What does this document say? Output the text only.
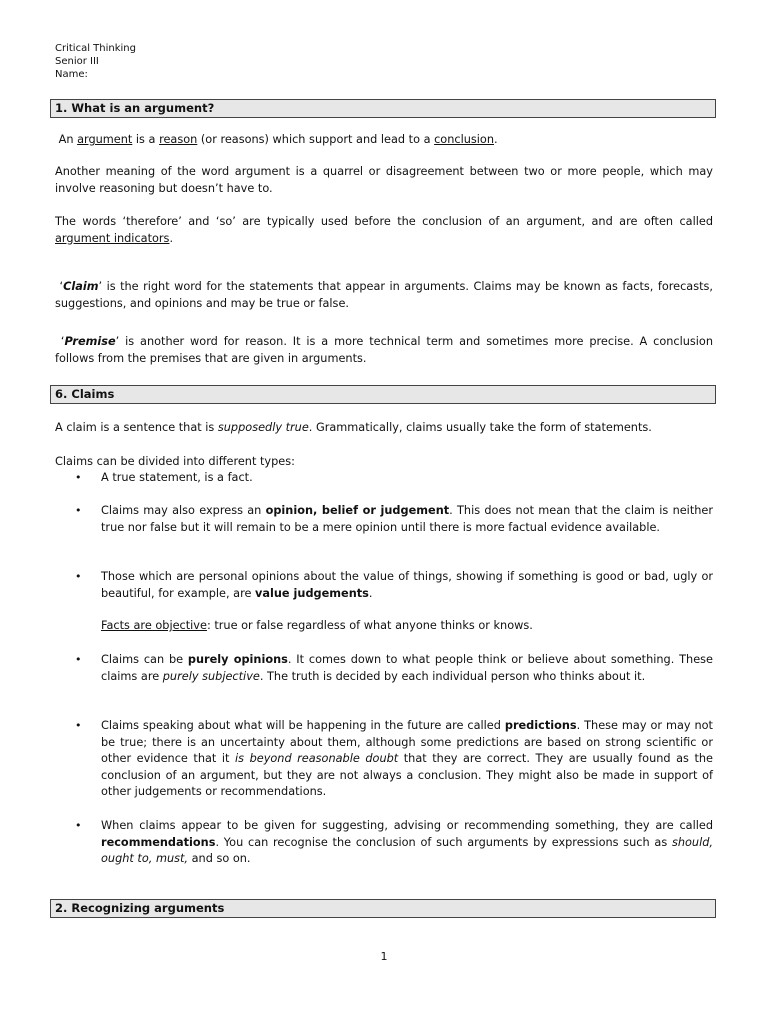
Critical Thinking
Senior III
Name:
1. What is an argument?
An argument is a reason (or reasons) which support and lead to a conclusion.
Another meaning of the word argument is a quarrel or disagreement between two or more people, which may involve reasoning but doesn’t have to.
The words ‘therefore’ and ‘so’ are typically used before the conclusion of an argument, and are often called argument indicators.
‘Claim’ is the right word for the statements that appear in arguments. Claims may be known as facts, forecasts, suggestions, and opinions and may be true or false.
‘Premise’ is another word for reason. It is a more technical term and sometimes more precise. A conclusion follows from the premises that are given in arguments.
6. Claims
A claim is a sentence that is supposedly true. Grammatically, claims usually take the form of statements.
Claims can be divided into different types:
• A true statement, is a fact.
• Claims may also express an opinion, belief or judgement. This does not mean that the claim is neither true nor false but it will remain to be a mere opinion until there is more factual evidence available.
• Those which are personal opinions about the value of things, showing if something is good or bad, ugly or beautiful, for example, are value judgements.
Facts are objective: true or false regardless of what anyone thinks or knows.
• Claims can be purely opinions. It comes down to what people think or believe about something. These claims are purely subjective. The truth is decided by each individual person who thinks about it.
• Claims speaking about what will be happening in the future are called predictions. These may or may not be true; there is an uncertainty about them, although some predictions are based on strong scientific or other evidence that it is beyond reasonable doubt that they are correct. They are usually found as the conclusion of an argument, but they are not always a conclusion. They might also be made in support of other judgements or recommendations.
• When claims appear to be given for suggesting, advising or recommending something, they are called recommendations. You can recognise the conclusion of such arguments by expressions such as should, ought to, must, and so on.
2. Recognizing arguments
1
